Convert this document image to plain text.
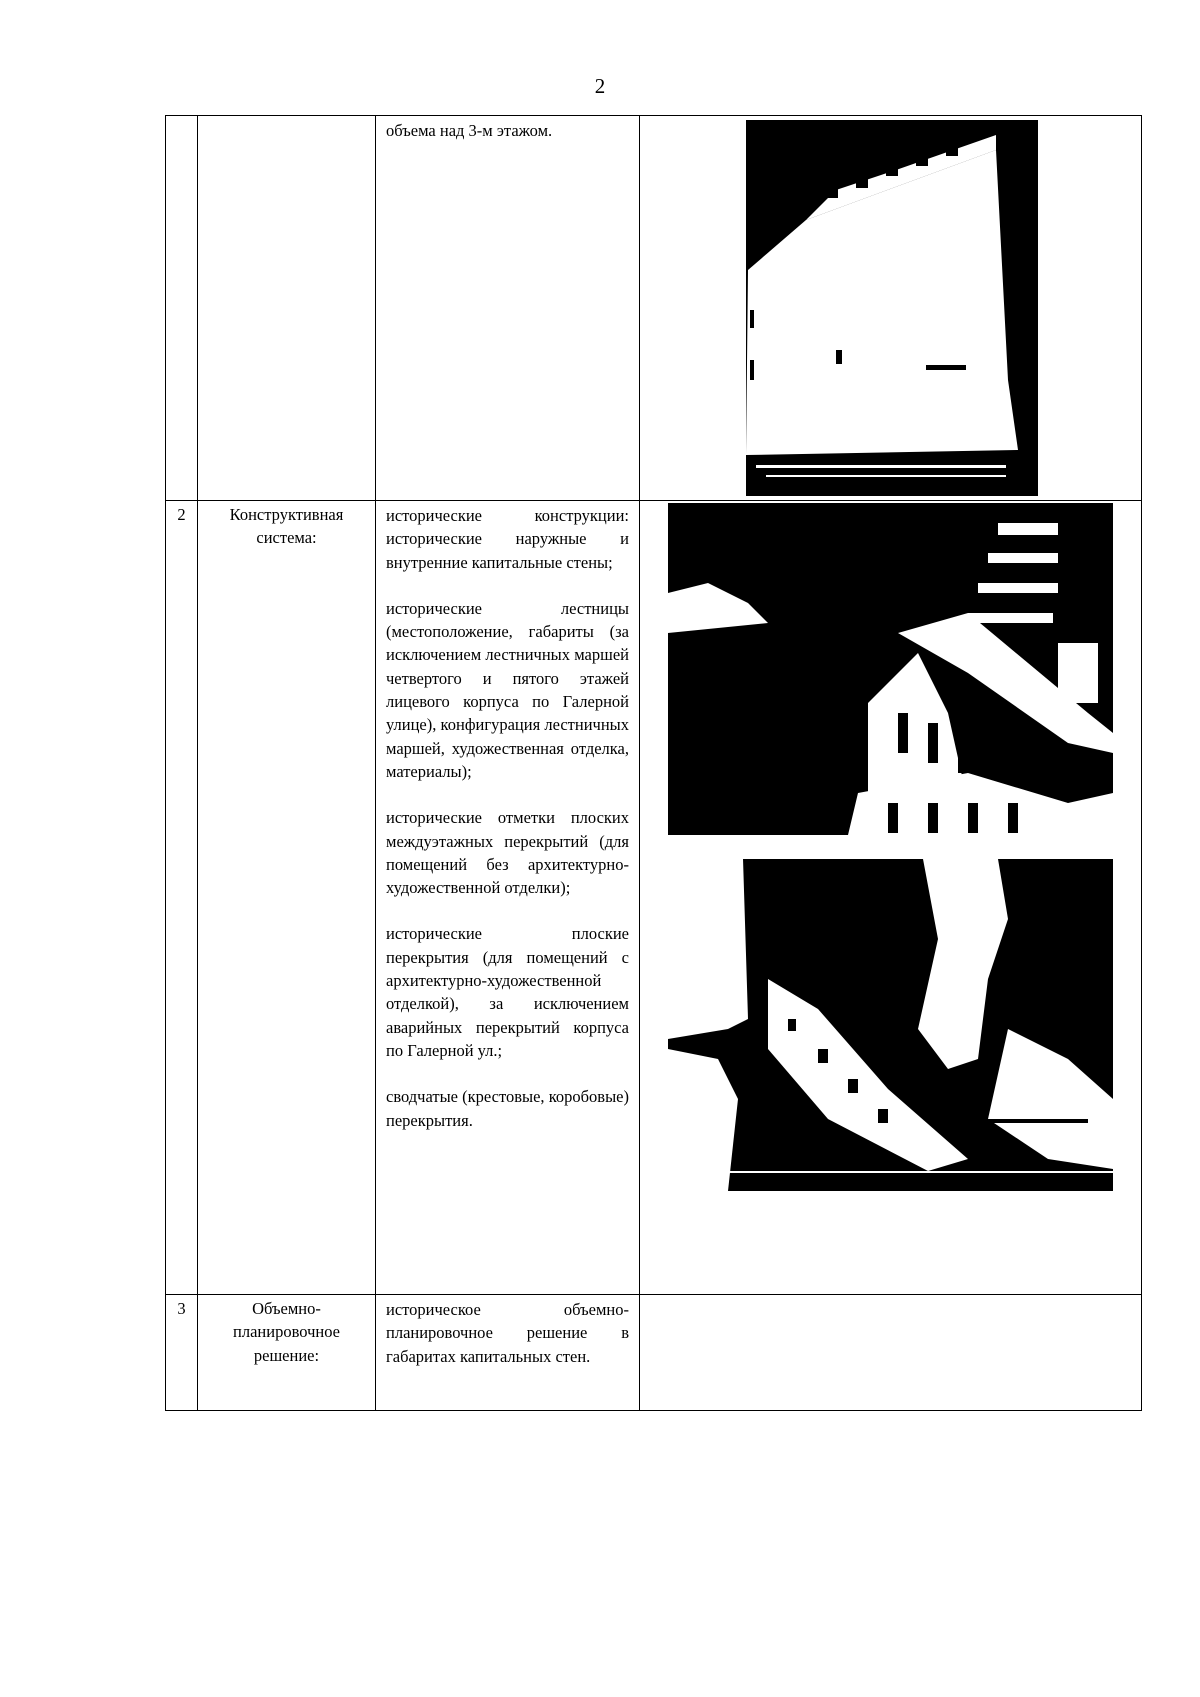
2

		объема над 3-м этажом.

2	Конструктивная система:	исторические конструкции: исторические наружные и внутренние капитальные стены;

исторические лестницы (местоположение, габариты (за исключением лестничных маршей четвертого и пятого этажей лицевого корпуса по Галерной улице), конфигурация лестничных маршей, художественная отделка, материалы);

исторические отметки плоских междуэтажных перекрытий (для помещений без архитектурно-художественной отделки);

исторические плоские перекрытия (для помещений с архитектурно-художественной отделкой), за исключением аварийных перекрытий корпуса по Галерной ул.;

сводчатые (крестовые, коробовые) перекрытия.

3	Объемно-планировочное решение:	историческое объемно-планировочное решение в габаритах капитальных стен.	
